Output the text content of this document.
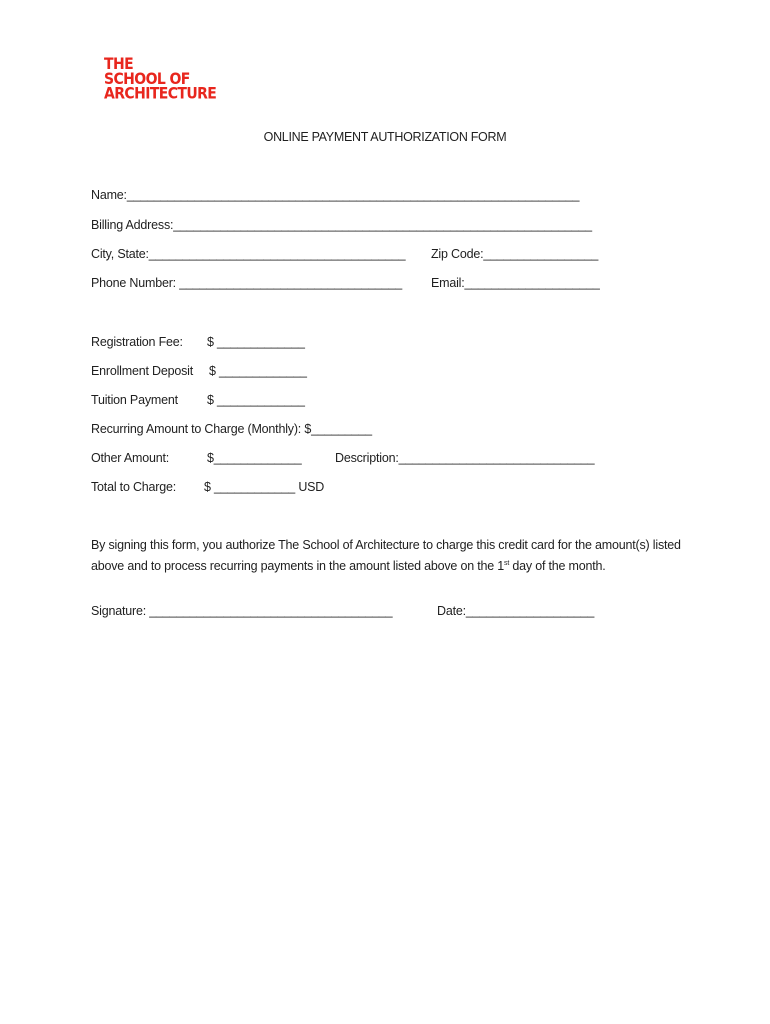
THE
SCHOOL OF
ARCHITECTURE
ONLINE PAYMENT AUTHORIZATION FORM
Name:___________________________________________________________________
Billing Address:______________________________________________________________
City, State:______________________________________ Zip Code:_________________
Phone Number: _________________________________ Email:____________________
Registration Fee: $ _____________
Enrollment Deposit $ _____________
Tuition Payment $ _____________
Recurring Amount to Charge (Monthly): $_________
Other Amount:	$_____________	Description:_____________________________
Total to Charge: $ ____________ USD
By signing this form, you authorize The School of Architecture to charge this credit card for the amount(s) listed above and to process recurring payments in the amount listed above on the 1st day of the month.
Signature: ____________________________________	Date:___________________
